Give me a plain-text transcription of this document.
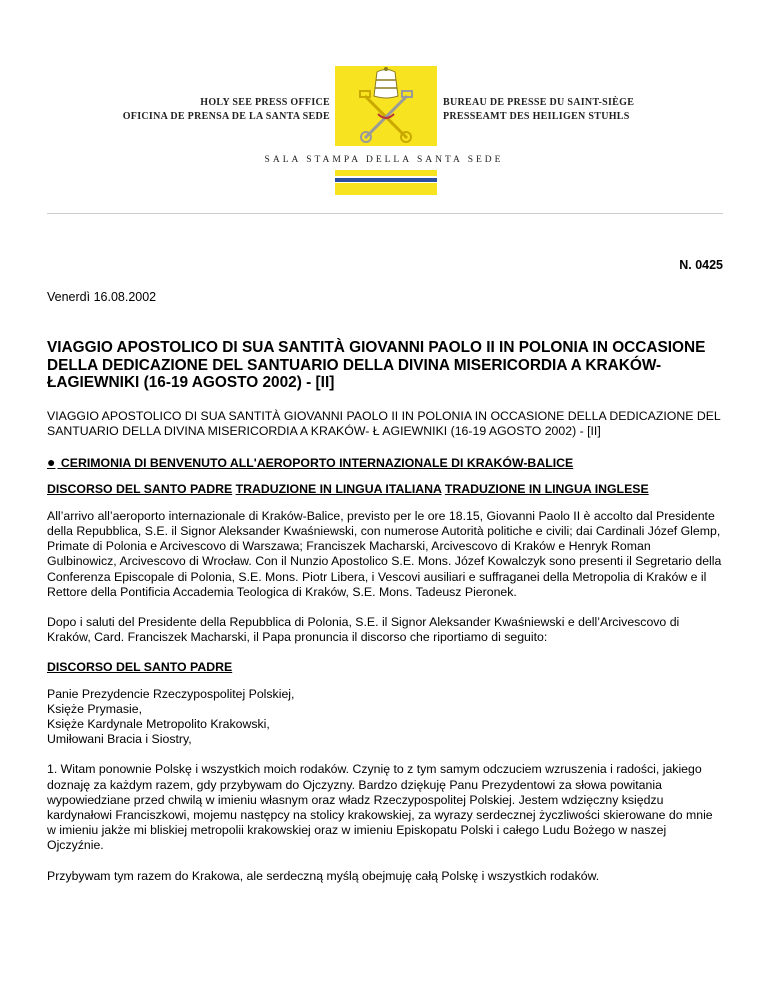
HOLY SEE PRESS OFFICE
OFICINA DE PRENSA DE LA SANTA SEDE
BUREAU DE PRESSE DU SAINT-SIÈGE
PRESSEAMT DES HEILIGEN STUHLS
SALA STAMPA DELLA SANTA SEDE
N. 0425
Venerdì 16.08.2002
VIAGGIO APOSTOLICO DI SUA SANTITÀ GIOVANNI PAOLO II IN POLONIA IN OCCASIONE DELLA DEDICAZIONE DEL SANTUARIO DELLA DIVINA MISERICORDIA A KRAKÓW-ŁAGIEWNIKI (16-19 AGOSTO 2002) - [II]
VIAGGIO APOSTOLICO DI SUA SANTITÀ GIOVANNI PAOLO II IN POLONIA IN OCCASIONE DELLA DEDICAZIONE DEL SANTUARIO DELLA DIVINA MISERICORDIA A KRAKÓW- Ł AGIEWNIKI (16-19 AGOSTO 2002) - [II]
● CERIMONIA DI BENVENUTO ALL'AEROPORTO INTERNAZIONALE DI KRAKÓW-BALICE
DISCORSO DEL SANTO PADRE TRADUZIONE IN LINGUA ITALIANA TRADUZIONE IN LINGUA INGLESE
All’arrivo all’aeroporto internazionale di Kraków-Balice, previsto per le ore 18.15, Giovanni Paolo II è accolto dal Presidente della Repubblica, S.E. il Signor Aleksander Kwaśniewski, con numerose Autorità politiche e civili; dai Cardinali Józef Glemp, Primate di Polonia e Arcivescovo di Warszawa; Franciszek Macharski, Arcivescovo di Kraków e Henryk Roman Gulbinowicz, Arcivescovo di Wrocław. Con il Nunzio Apostolico S.E. Mons. Józef Kowalczyk sono presenti il Segretario della Conferenza Episcopale di Polonia, S.E. Mons. Piotr Libera, i Vescovi ausiliari e suffraganei della Metropolia di Kraków e il Rettore della Pontificia Accademia Teologica di Kraków, S.E. Mons. Tadeusz Pieronek.
Dopo i saluti del Presidente della Repubblica di Polonia, S.E. il Signor Aleksander Kwaśniewski e dell’Arcivescovo di Kraków, Card. Franciszek Macharski, il Papa pronuncia il discorso che riportiamo di seguito:
DISCORSO DEL SANTO PADRE
Panie Prezydencie Rzeczypospolitej Polskiej,
Księże Prymasie,
Księże Kardynale Metropolito Krakowski,
Umiłowani Bracia i Siostry,
1. Witam ponownie Polskę i wszystkich moich rodaków. Czynię to z tym samym odczuciem wzruszenia i radości, jakiego doznaję za każdym razem, gdy przybywam do Ojczyzny. Bardzo dziękuję Panu Prezydentowi za słowa powitania wypowiedziane przed chwilą w imieniu własnym oraz władz Rzeczypospolitej Polskiej. Jestem wdzięczny księdzu kardynałowi Franciszkowi, mojemu następcy na stolicy krakowskiej, za wyrazy serdecznej życzliwości skierowane do mnie w imieniu jakże mi bliskiej metropolii krakowskiej oraz w imieniu Episkopatu Polski i całego Ludu Bożego w naszej Ojczyźnie.
Przybywam tym razem do Krakowa, ale serdeczną myślą obejmuję całą Polskę i wszystkich rodaków.
